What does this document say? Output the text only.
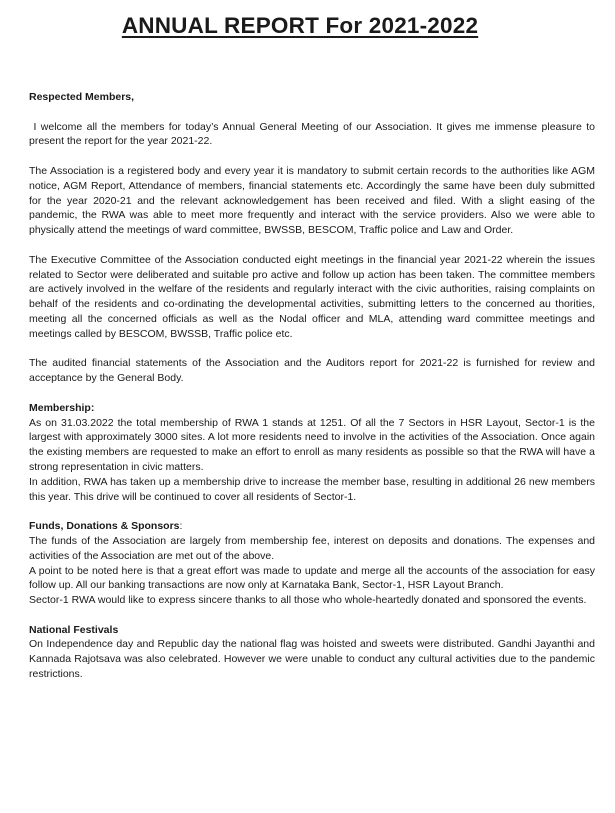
ANNUAL REPORT For 2021-2022

Respected Members,

I welcome all the members for today’s Annual General Meeting of our Association. It gives me immense pleasure to present the report for the year 2021-22.

The Association is a registered body and every year it is mandatory to submit certain records to the authorities like AGM notice, AGM Report, Attendance of members, financial statements etc. Accordingly the same have been duly submitted for the year 2020-21 and the relevant acknowledgement has been received and filed. With a slight easing of the pandemic, the RWA was able to meet more frequently and interact with the service providers. Also we were able to physically attend the meetings of ward committee, BWSSB, BESCOM, Traffic police and Law and Order.

The Executive Committee of the Association conducted eight meetings in the financial year 2021-22 wherein the issues related to Sector were deliberated and suitable pro active and follow up action has been taken. The committee members are actively involved in the welfare of the residents and regularly interact with the civic authorities, raising complaints on behalf of the residents and co-ordinating the developmental activities, submitting letters to the concerned au thorities, meeting all the concerned officials as well as the Nodal officer and MLA, attending ward committee meetings and meetings called by BESCOM, BWSSB, Traffic police etc.

The audited financial statements of the Association and the Auditors report for 2021-22 is furnished for review and acceptance by the General Body.

Membership:

As on 31.03.2022 the total membership of RWA 1 stands at 1251. Of all the 7 Sectors in HSR Layout, Sector-1 is the largest with approximately 3000 sites. A lot more residents need to involve in the activities of the Association. Once again the existing members are requested to make an effort to enroll as many residents as possible so that the RWA will have a strong representation in civic matters.

In addition, RWA has taken up a membership drive to increase the member base, resulting in additional 26 new members this year. This drive will be continued to cover all residents of Sector-1.

Funds, Donations & Sponsors:

The funds of the Association are largely from membership fee, interest on deposits and donations. The expenses and activities of the Association are met out of the above.

A point to be noted here is that a great effort was made to update and merge all the accounts of the association for easy follow up. All our banking transactions are now only at Karnataka Bank, Sector-1, HSR Layout Branch.

Sector-1 RWA would like to express sincere thanks to all those who whole-heartedly donated and sponsored the events.

National Festivals

On Independence day and Republic day the national flag was hoisted and sweets were distributed. Gandhi Jayanthi and Kannada Rajotsava was also celebrated. However we were unable to conduct any cultural activities due to the pandemic restrictions.
